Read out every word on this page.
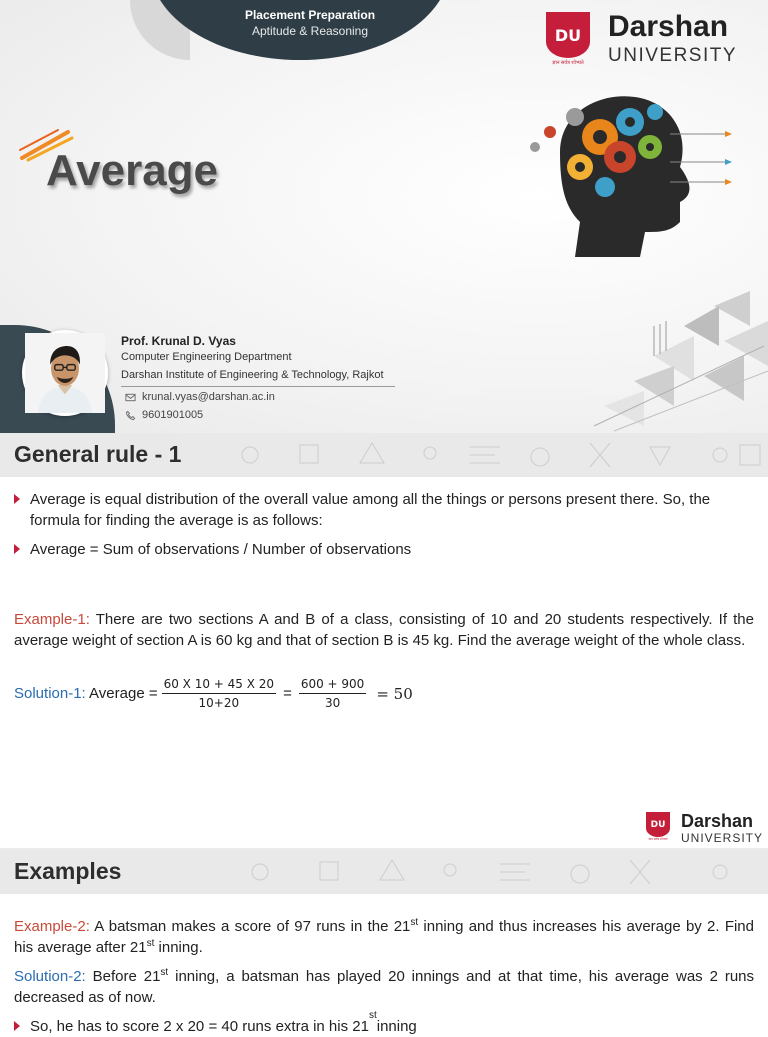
Placement Preparation
Aptitude & Reasoning	DU
ज्ञान सर्वत्र शोभ्यते
Darshan
UNIVERSITY
Average
Prof. Krunal D. Vyas
Computer Engineering Department
Darshan Institute of Engineering & Technology, Rajkot
krunal.vyas@darshan.ac.in
9601901005
General rule - 1
Average is equal distribution of the overall value among all the things or persons present there. So, the formula for finding the average is as follows:
Average = Sum of observations / Number of observations
Example-1: There are two sections A and B of a class, consisting of 10 and 20 students respectively. If the average weight of section A is 60 kg and that of section B is 45 kg. Find the average weight of the whole class.
Solution-1: Average = $\frac{60 X 10 + 45 X 20}{10+20} = \frac{600 + 900}{30} = 50$
DU
ज्ञान सर्वत्र शोभ्यते
Darshan
UNIVERSITY
Examples
Example-2: A batsman makes a score of 97 runs in the 21st inning and thus increases his average by 2. Find his average after 21st inning.
Solution-2: Before 21st inning, a batsman has played 20 innings and at that time, his average was 2 runs decreased as of now.
So, he has to score 2 x 20 = 40 runs extra in his 21
st
inning
